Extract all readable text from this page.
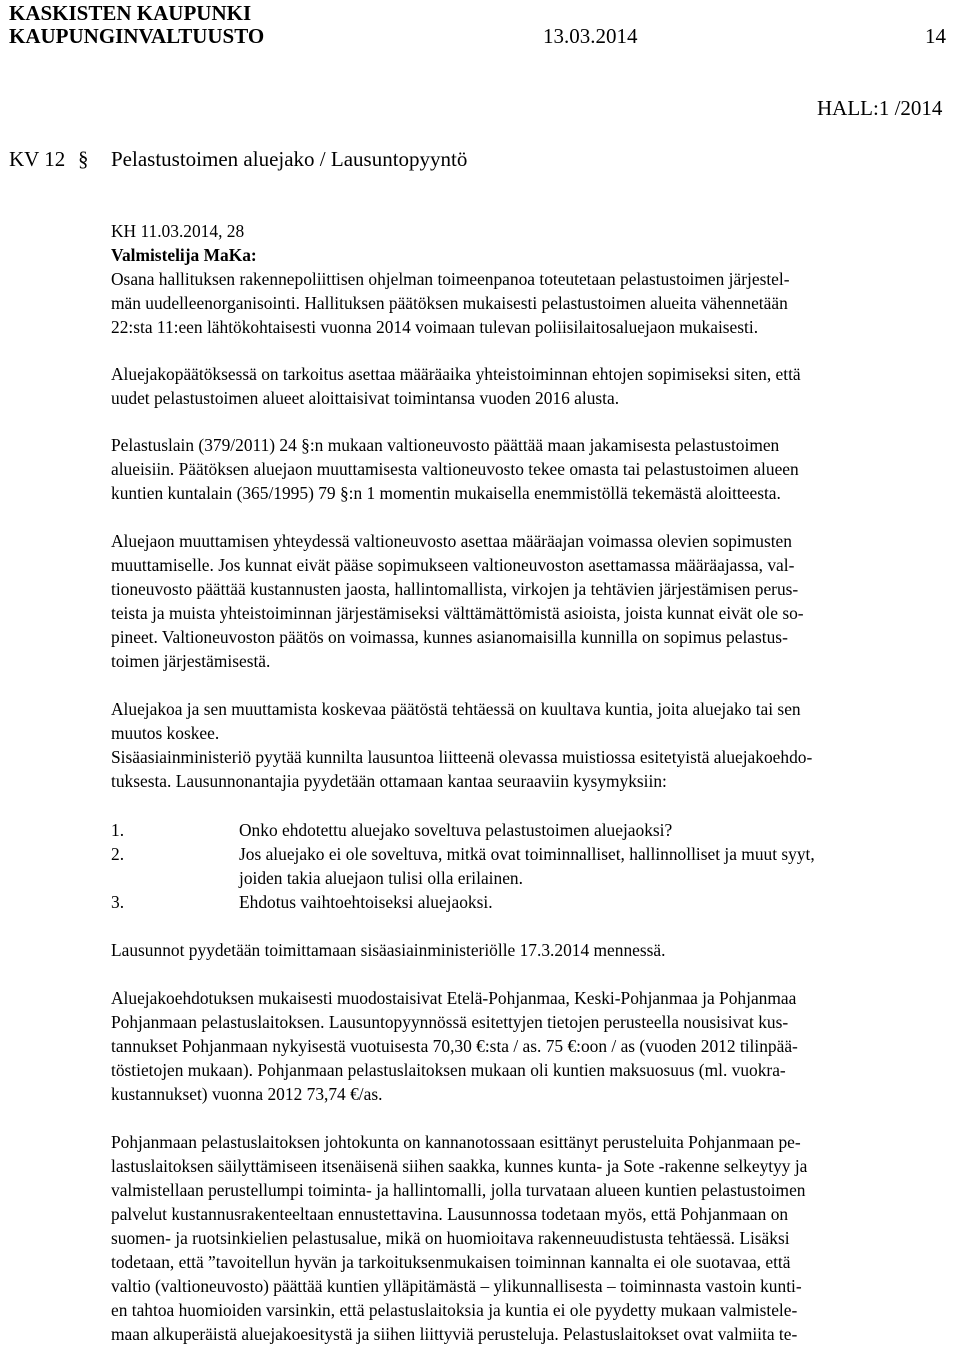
KASKISTEN KAUPUNKI
KAUPUNGINVALTUUSTO	13.03.2014	14
HALL:1 /2014
KV 12 § Pelastustoimen aluejako / Lausuntopyyntö
KH 11.03.2014, 28
Valmistelija MaKa:
Osana hallituksen rakennepoliittisen ohjelman toimeenpanoa toteutetaan pelastustoimen järjestel-
män uudelleenorganisointi. Hallituksen päätöksen mukaisesti pelastustoimen alueita vähennetään
22:sta 11:een lähtökohtaisesti vuonna 2014 voimaan tulevan poliisilaitosaluejaon mukaisesti.
Aluejakopäätöksessä on tarkoitus asettaa määräaika yhteistoiminnan ehtojen sopimiseksi siten, että
uudet pelastustoimen alueet aloittaisivat toimintansa vuoden 2016 alusta.
Pelastuslain (379/2011) 24 §:n mukaan valtioneuvosto päättää maan jakamisesta pelastustoimen
alueisiin. Päätöksen aluejaon muuttamisesta valtioneuvosto tekee omasta tai pelastustoimen alueen
kuntien kuntalain (365/1995) 79 §:n 1 momentin mukaisella enemmistöllä tekemästä aloitteesta.
Aluejaon muuttamisen yhteydessä valtioneuvosto asettaa määräajan voimassa olevien sopimusten
muuttamiselle. Jos kunnat eivät pääse sopimukseen valtioneuvoston asettamassa määräajassa, val-
tioneuvosto päättää kustannusten jaosta, hallintomallista, virkojen ja tehtävien järjestämisen perus-
teista ja muista yhteistoiminnan järjestämiseksi välttämättömistä asioista, joista kunnat eivät ole so-
pineet. Valtioneuvoston päätös on voimassa, kunnes asianomaisilla kunnilla on sopimus pelastus-
toimen järjestämisestä.
Aluejakoa ja sen muuttamista koskevaa päätöstä tehtäessä on kuultava kuntia, joita aluejako tai sen
muutos koskee.
Sisäasiainministeriö pyytää kunnilta lausuntoa liitteenä olevassa muistiossa esitetyistä aluejakoehdo-
tuksesta. Lausunnonantajia pyydetään ottamaan kantaa seuraaviin kysymyksiin:
1.	Onko ehdotettu aluejako soveltuva pelastustoimen aluejaoksi?
2.	Jos aluejako ei ole soveltuva, mitkä ovat toiminnalliset, hallinnolliset ja muut syyt,
joiden takia aluejaon tulisi olla erilainen.
3.	Ehdotus vaihtoehtoiseksi aluejaoksi.
Lausunnot pyydetään toimittamaan sisäasiainministeriölle 17.3.2014 mennessä.
Aluejakoehdotuksen mukaisesti muodostaisivat Etelä-Pohjanmaa, Keski-Pohjanmaa ja Pohjanmaa
Pohjanmaan pelastuslaitoksen. Lausuntopyynnössä esitettyjen tietojen perusteella nousisivat kus-
tannukset Pohjanmaan nykyisestä vuotuisesta 70,30 €:sta / as. 75 €:oon / as (vuoden 2012 tilinpää-
töstietojen mukaan). Pohjanmaan pelastuslaitoksen mukaan oli kuntien maksuosuus (ml. vuokra-
kustannukset) vuonna 2012 73,74 €/as.
Pohjanmaan pelastuslaitoksen johtokunta on kannanotossaan esittänyt perusteluita Pohjanmaan pe-
lastuslaitoksen säilyttämiseen itsenäisenä siihen saakka, kunnes kunta- ja Sote -rakenne selkeytyy ja
valmistellaan perustellumpi toiminta- ja hallintomalli, jolla turvataan alueen kuntien pelastustoimen
palvelut kustannusrakenteeltaan ennustettavina. Lausunnossa todetaan myös, että Pohjanmaan on
suomen- ja ruotsinkielien pelastusalue, mikä on huomioitava rakenneuudistusta tehtäessä. Lisäksi
todetaan, että ”tavoitellun hyvän ja tarkoituksenmukaisen toiminnan kannalta ei ole suotavaa, että
valtio (valtioneuvosto) päättää kuntien ylläpitämästä – ylikunnallisesta – toiminnasta vastoin kunti-
en tahtoa huomioiden varsinkin, että pelastuslaitoksia ja kuntia ei ole pyydetty mukaan valmistele-
maan alkuperäistä aluejakoesitystä ja siihen liittyviä perusteluja. Pelastuslaitokset ovat valmiita te-
